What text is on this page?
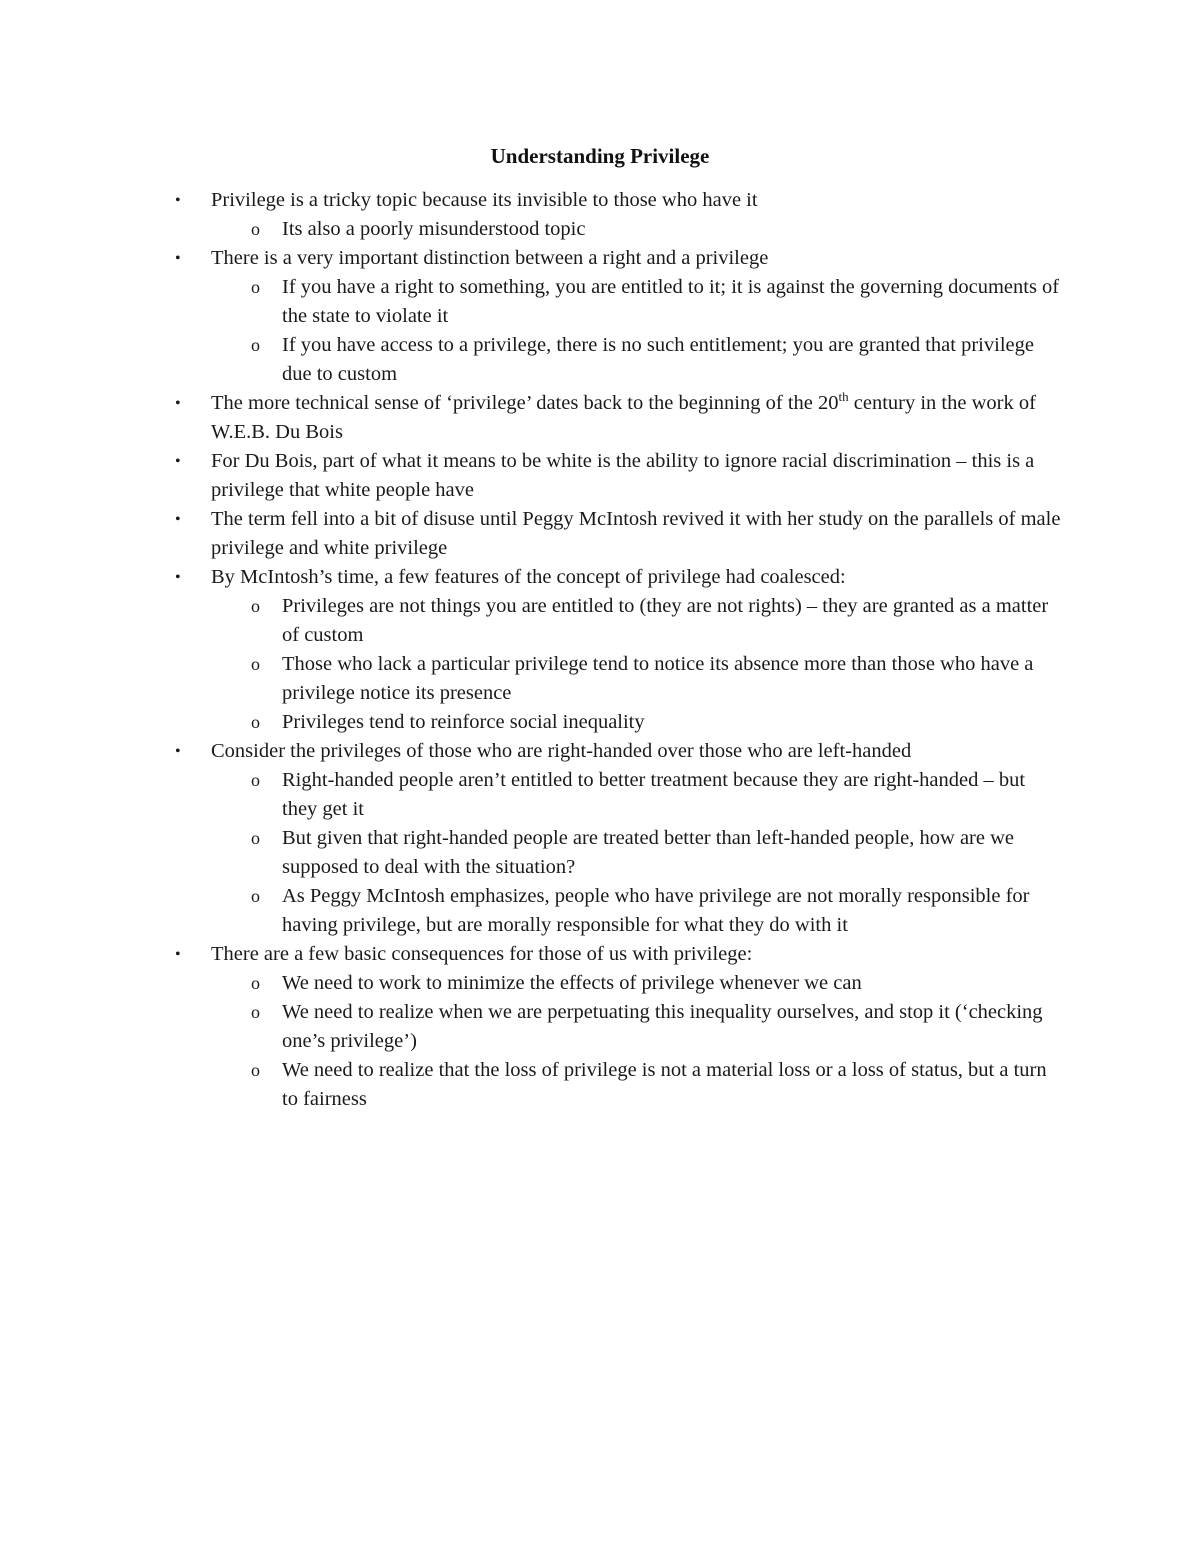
Understanding Privilege
•	Privilege is a tricky topic because its invisible to those who have it
o Its also a poorly misunderstood topic
•	There is a very important distinction between a right and a privilege
o If you have a right to something, you are entitled to it; it is against the governing documents of the state to violate it
o If you have access to a privilege, there is no such entitlement; you are granted that privilege due to custom
•	The more technical sense of ‘privilege’ dates back to the beginning of the 20th century in the work of W.E.B. Du Bois
•	For Du Bois, part of what it means to be white is the ability to ignore racial discrimination – this is a privilege that white people have
•	The term fell into a bit of disuse until Peggy McIntosh revived it with her study on the parallels of male privilege and white privilege
•	By McIntosh’s time, a few features of the concept of privilege had coalesced:
o Privileges are not things you are entitled to (they are not rights) – they are granted as a matter of custom
o Those who lack a particular privilege tend to notice its absence more than those who have a privilege notice its presence
o Privileges tend to reinforce social inequality
•	Consider the privileges of those who are right-handed over those who are left-handed
o Right-handed people aren’t entitled to better treatment because they are right-handed – but they get it
o But given that right-handed people are treated better than left-handed people, how are we supposed to deal with the situation?
o As Peggy McIntosh emphasizes, people who have privilege are not morally responsible for having privilege, but are morally responsible for what they do with it
•	There are a few basic consequences for those of us with privilege:
o We need to work to minimize the effects of privilege whenever we can
o We need to realize when we are perpetuating this inequality ourselves, and stop it (‘checking one’s privilege’)
o We need to realize that the loss of privilege is not a material loss or a loss of status, but a turn to fairness
